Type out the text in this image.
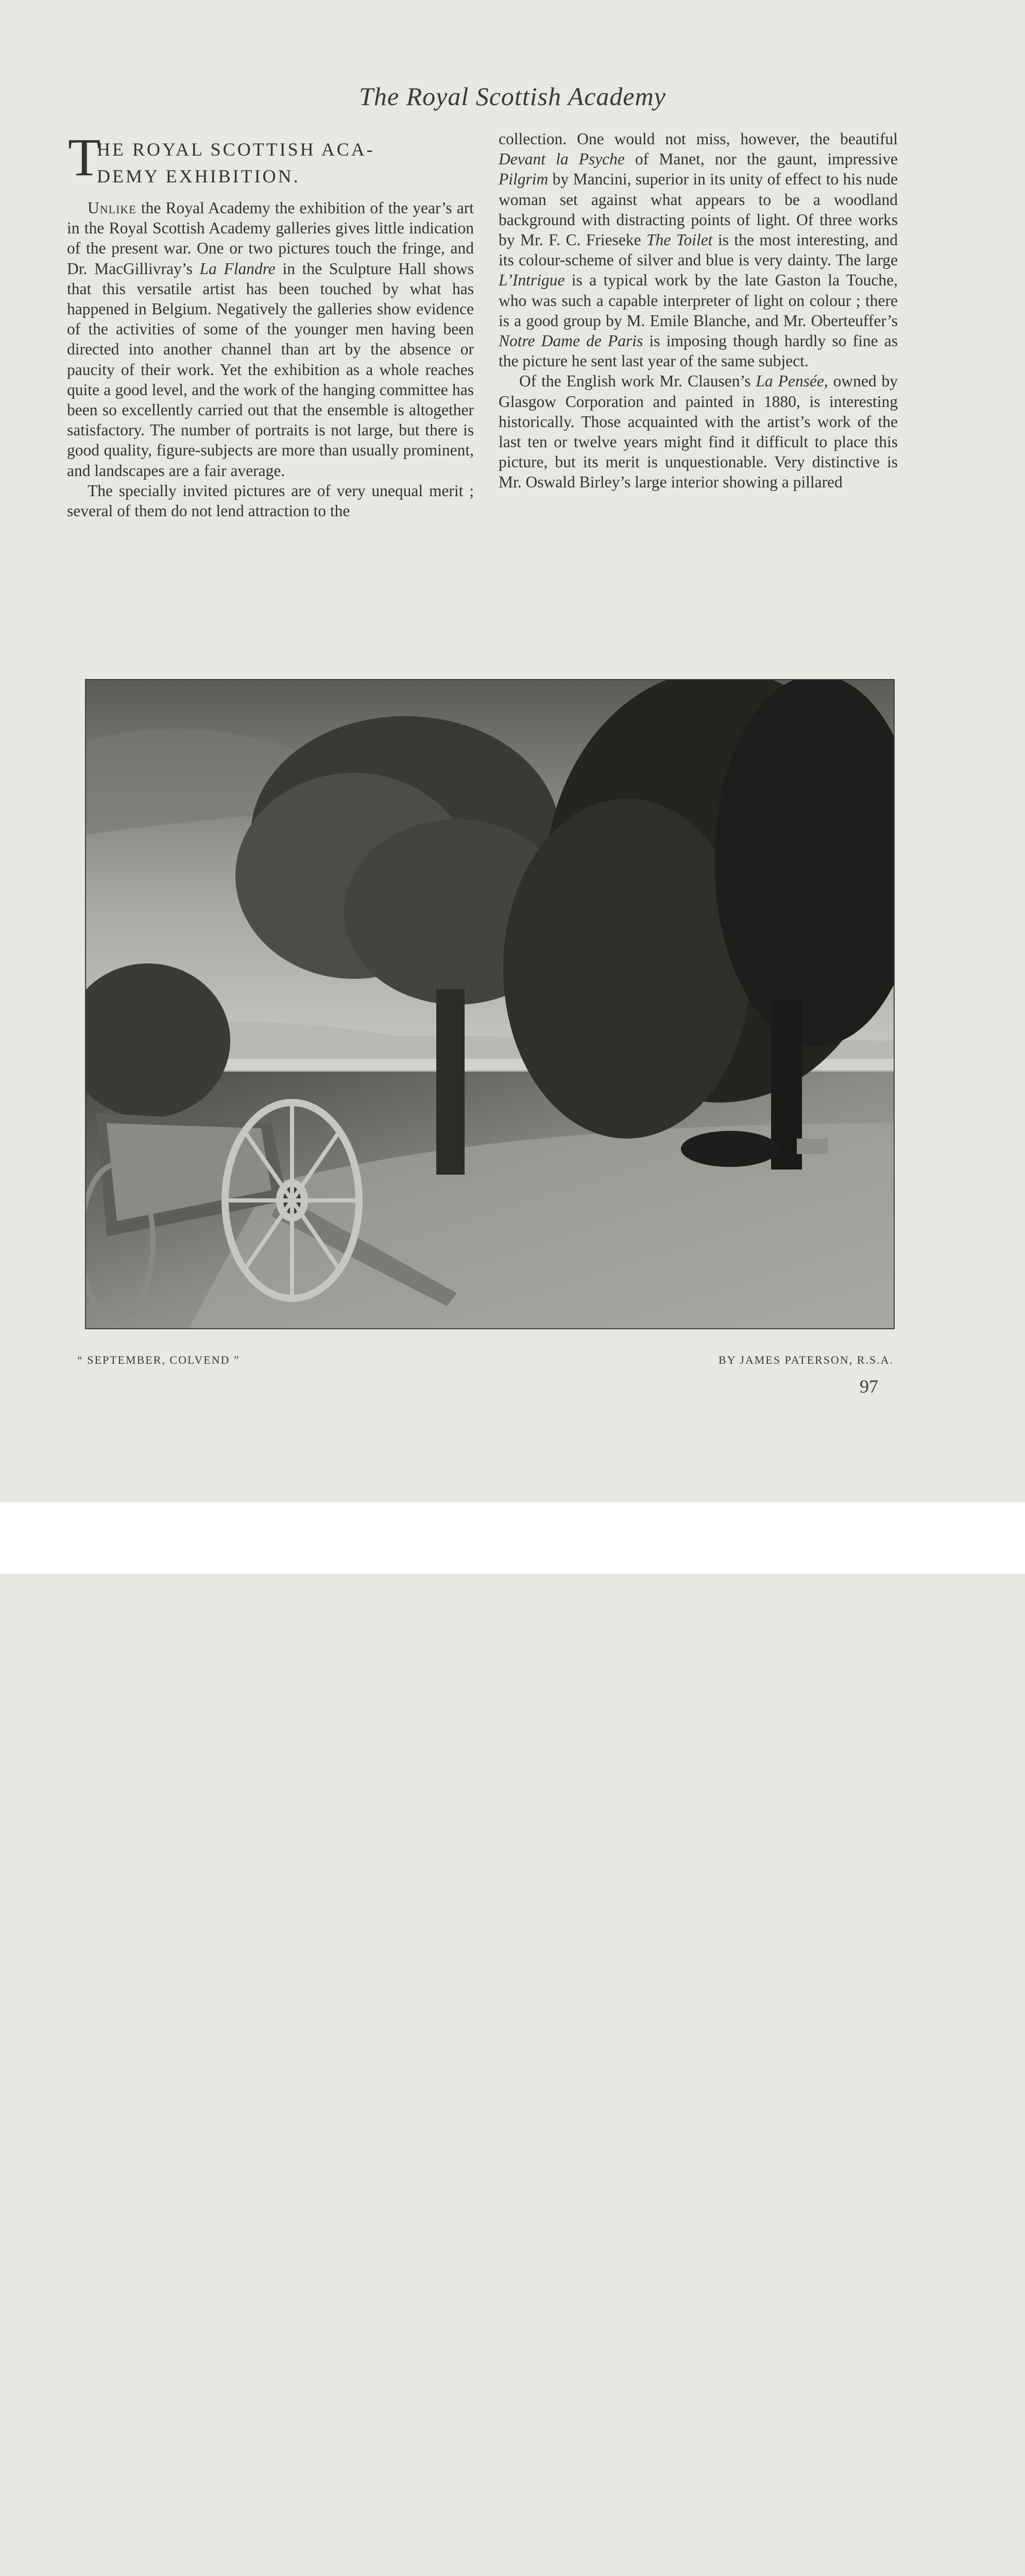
The Royal Scottish Academy
T
HE ROYAL SCOTTISH ACA-
DEMY EXHIBITION.

Unlike the Royal Academy the exhibition of the year’s art in the Royal Scottish Academy galleries gives little indication of the present war. One or two pictures touch the fringe, and Dr. MacGillivray’s La Flandre in the Sculpture Hall shows that this versatile artist has been touched by what has happened in Belgium. Negatively the galleries show evidence of the activities of some of the younger men having been directed into another channel than art by the absence or paucity of their work. Yet the exhibition as a whole reaches quite a good level, and the work of the hanging committee has been so excellently carried out that the ensemble is altogether satisfactory. The number of portraits is not large, but there is good quality, figure-subjects are more than usually prominent, and landscapes are a fair average.

The specially invited pictures are of very unequal merit ; several of them do not lend attraction to the

collection. One would not miss, however, the beautiful Devant la Psyche of Manet, nor the gaunt, impressive Pilgrim by Mancini, superior in its unity of effect to his nude woman set against what appears to be a woodland background with distracting points of light. Of three works by Mr. F. C. Frieseke The Toilet is the most interesting, and its colour-scheme of silver and blue is very dainty. The large L’Intrigue is a typical work by the late Gaston la Touche, who was such a capable interpreter of light on colour ; there is a good group by M. Emile Blanche, and Mr. Oberteuffer’s Notre Dame de Paris is imposing though hardly so fine as the picture he sent last year of the same subject.

Of the English work Mr. Clausen’s La Pensée, owned by Glasgow Corporation and painted in 1880, is interesting historically. Those acquainted with the artist’s work of the last ten or twelve years might find it difficult to place this picture, but its merit is unquestionable. Very distinctive is Mr. Oswald Birley’s large interior showing a pillared

“ SEPTEMBER, COLVEND ”	BY JAMES PATERSON, R.S.A.
97
